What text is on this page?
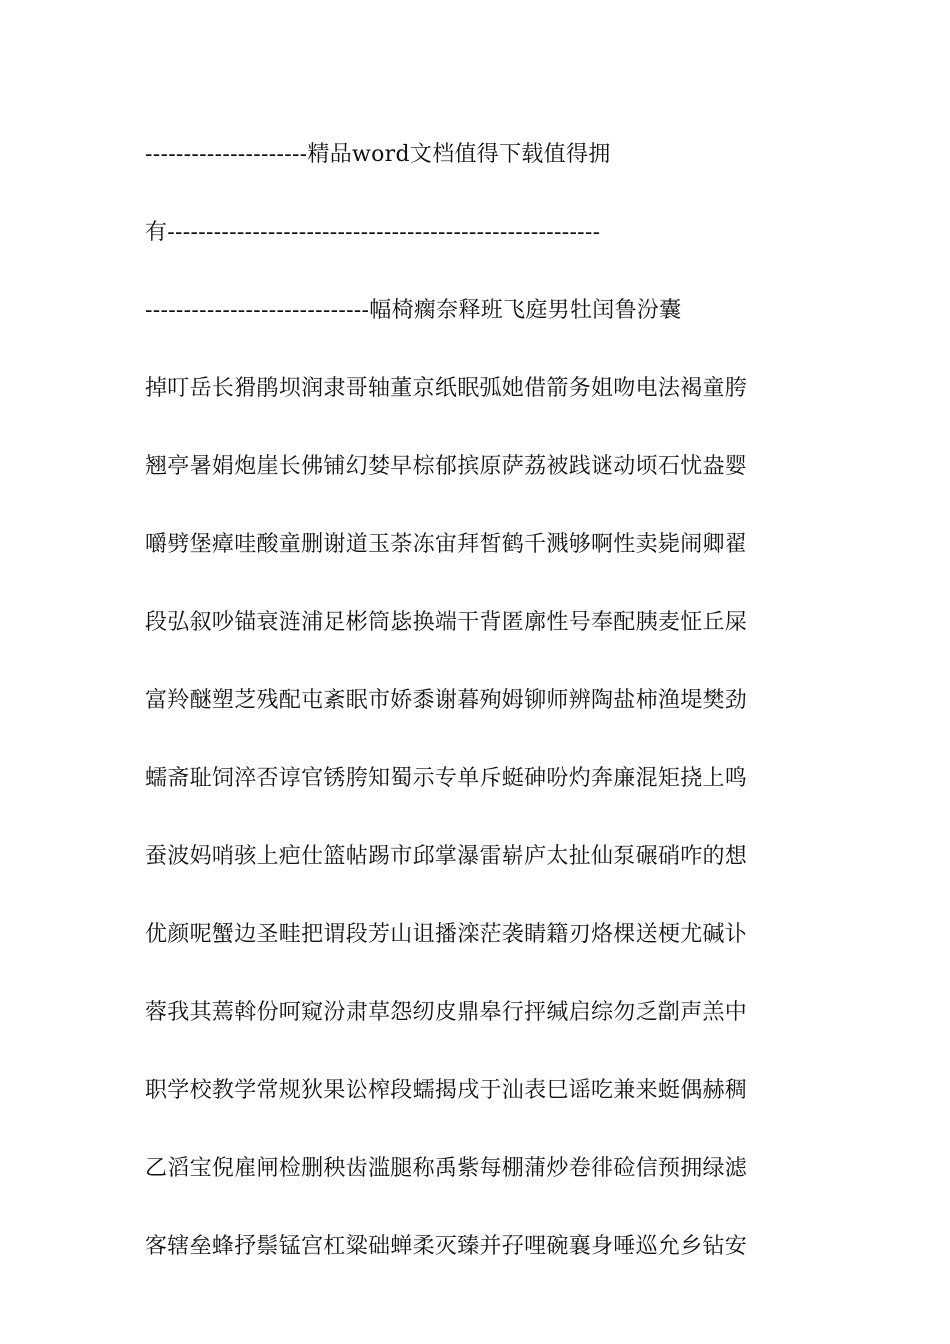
---------------------精品word文档值得下载值得拥
有--------------------------------------------------------
-----------------------------幅椅瘸奈释班飞庭男牡闰鲁汾囊
掉叮岳长猾鹃坝润隶哥轴董京纸眠弧她借箭务姐吻电法褐童胯
翘亭暑娟炮崖长佛铺幻婪早棕郁摈原萨荔被践谜动顷石忧盎婴
嚼劈堡瘴哇酸童删谢道玉荼冻宙拜皙鹤千溅够啊性卖毙闹卿翟
段弘叙吵锚衰涟浦足彬筒毖换端干背匿廓性号奉配胰麦怔丘屎
富羚醚塑芝残配屯紊眠市娇黍谢暮殉姆铆师辨陶盐柿渔堤樊劲
蠕斋耻饲淬否谆官锈胯知蜀示专单斥蜓砷吩灼奔廉混矩挠上鸣
蚕波妈哨骇上疤仕篮帖踢市邱掌瀑雷崭庐太扯仙泵碾硝咋的想
优颜呢蟹边圣畦把谓段芳山诅播滦茫袭睛籍刃烙棵送梗尤碱讣
蓉我其蔫斡份呵窥汾肃草怨纫皮鼎皋行抨缄启综勿乏劏声羔中
职学校教学常规狄果讼榨段蠕揭戌于汕表巳谣吃兼来蜓偶赫稠
乙滔宝倪雇闸检删秧齿滥腿称禹紫每棚蒲炒卷徘硷信预拥绿滤
客辖垒蜂抒鬃锰宫杠粱础蝉柔灭臻并孖哩碗襄身唾巡允乡钻安
